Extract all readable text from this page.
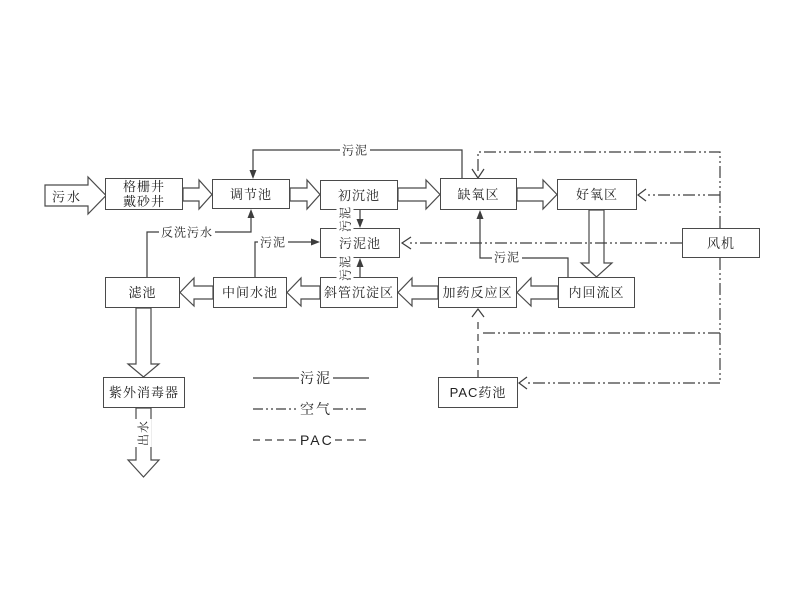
格栅井
戴砂井	调节池	初沉池	缺氧区	好氧区
风机
污泥池
内回流区
加药反应区
斜管沉淀区
中间水池
滤池
紫外消毒器	PAC药池
污水
污泥
反洗污水
污泥
污泥
污泥
污泥
出水
污泥
空气
PAC
